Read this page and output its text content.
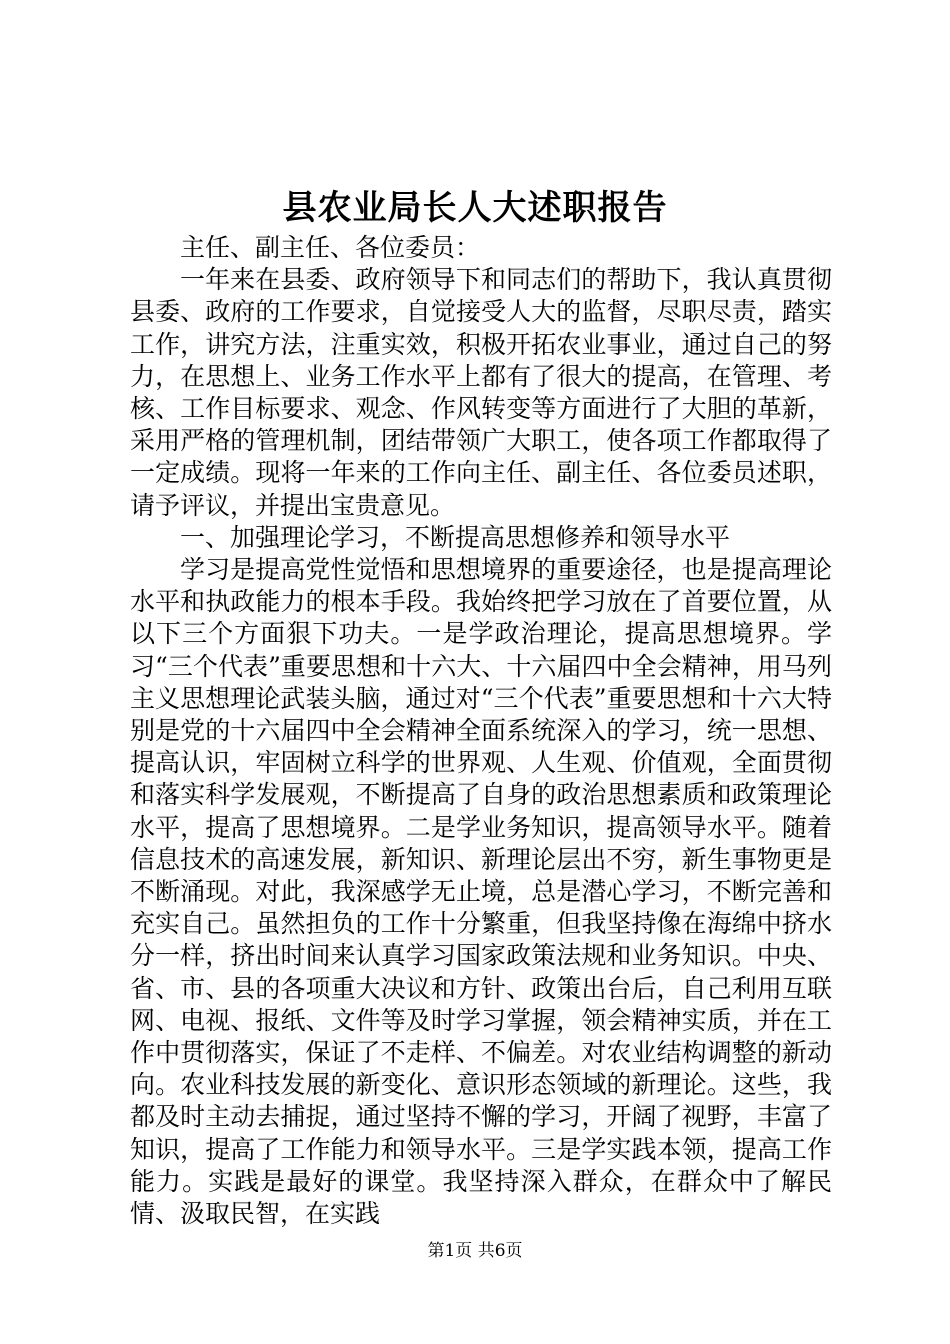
县农业局长人大述职报告

主任、副主任、各位委员：

一年来在县委、政府领导下和同志们的帮助下，我认真贯彻县委、政府的工作要求，自觉接受人大的监督，尽职尽责，踏实工作，讲究方法，注重实效，积极开拓农业事业，通过自己的努力，在思想上、业务工作水平上都有了很大的提高，在管理、考核、工作目标要求、观念、作风转变等方面进行了大胆的革新，采用严格的管理机制，团结带领广大职工，使各项工作都取得了一定成绩。现将一年来的工作向主任、副主任、各位委员述职，请予评议，并提出宝贵意见。

一、加强理论学习，不断提高思想修养和领导水平

学习是提高党性觉悟和思想境界的重要途径，也是提高理论水平和执政能力的根本手段。我始终把学习放在了首要位置，从以下三个方面狠下功夫。一是学政治理论，提高思想境界。学习“三个代表”重要思想和十六大、十六届四中全会精神，用马列主义思想理论武装头脑，通过对“三个代表”重要思想和十六大特别是党的十六届四中全会精神全面系统深入的学习，统一思想、提高认识，牢固树立科学的世界观、人生观、价值观，全面贯彻和落实科学发展观，不断提高了自身的政治思想素质和政策理论水平，提高了思想境界。二是学业务知识，提高领导水平。随着信息技术的高速发展，新知识、新理论层出不穷，新生事物更是不断涌现。对此，我深感学无止境，总是潜心学习，不断完善和充实自己。虽然担负的工作十分繁重，但我坚持像在海绵中挤水分一样，挤出时间来认真学习国家政策法规和业务知识。中央、省、市、县的各项重大决议和方针、政策出台后，自己利用互联网、电视、报纸、文件等及时学习掌握，领会精神实质，并在工作中贯彻落实，保证了不走样、不偏差。对农业结构调整的新动向。农业科技发展的新变化、意识形态领域的新理论。这些，我都及时主动去捕捉，通过坚持不懈的学习，开阔了视野，丰富了知识，提高了工作能力和领导水平。三是学实践本领，提高工作能力。实践是最好的课堂。我坚持深入群众，在群众中了解民情、汲取民智，在实践

第1页 共6页
